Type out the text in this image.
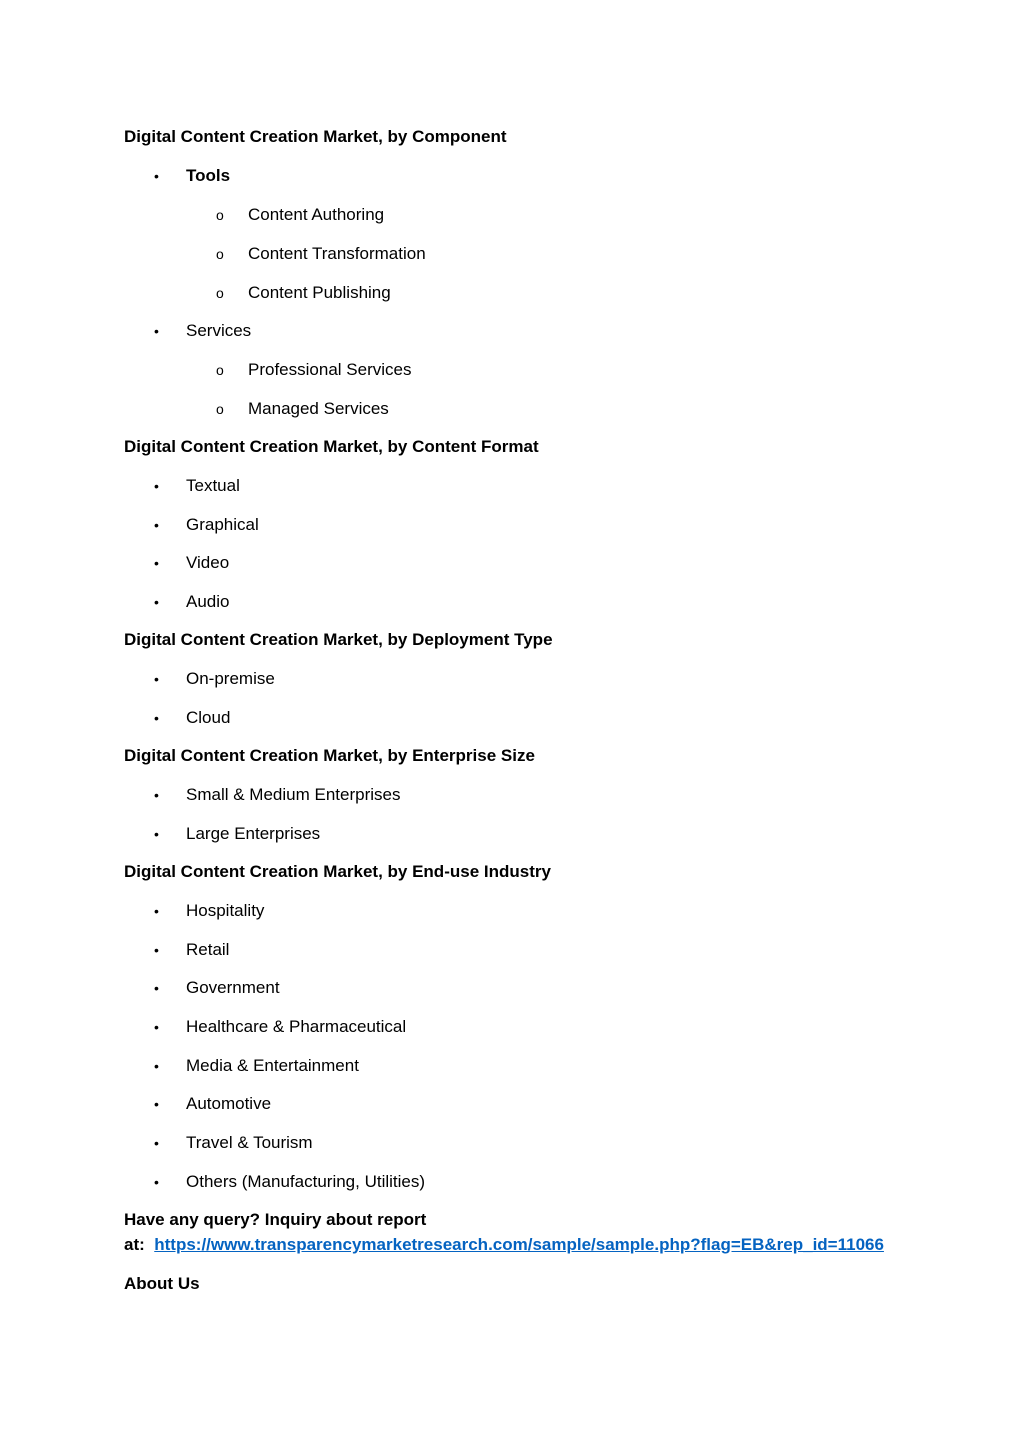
Digital Content Creation Market, by Component
• Tools
o Content Authoring
o Content Transformation
o Content Publishing
• Services
o Professional Services
o Managed Services
Digital Content Creation Market, by Content Format
• Textual
• Graphical
• Video
• Audio
Digital Content Creation Market, by Deployment Type
• On-premise
• Cloud
Digital Content Creation Market, by Enterprise Size
• Small & Medium Enterprises
• Large Enterprises
Digital Content Creation Market, by End-use Industry
• Hospitality
• Retail
• Government
• Healthcare & Pharmaceutical
• Media & Entertainment
• Automotive
• Travel & Tourism
• Others (Manufacturing, Utilities)
Have any query? Inquiry about report
at: https://www.transparencymarketresearch.com/sample/sample.php?flag=EB&rep_id=11066
About Us
